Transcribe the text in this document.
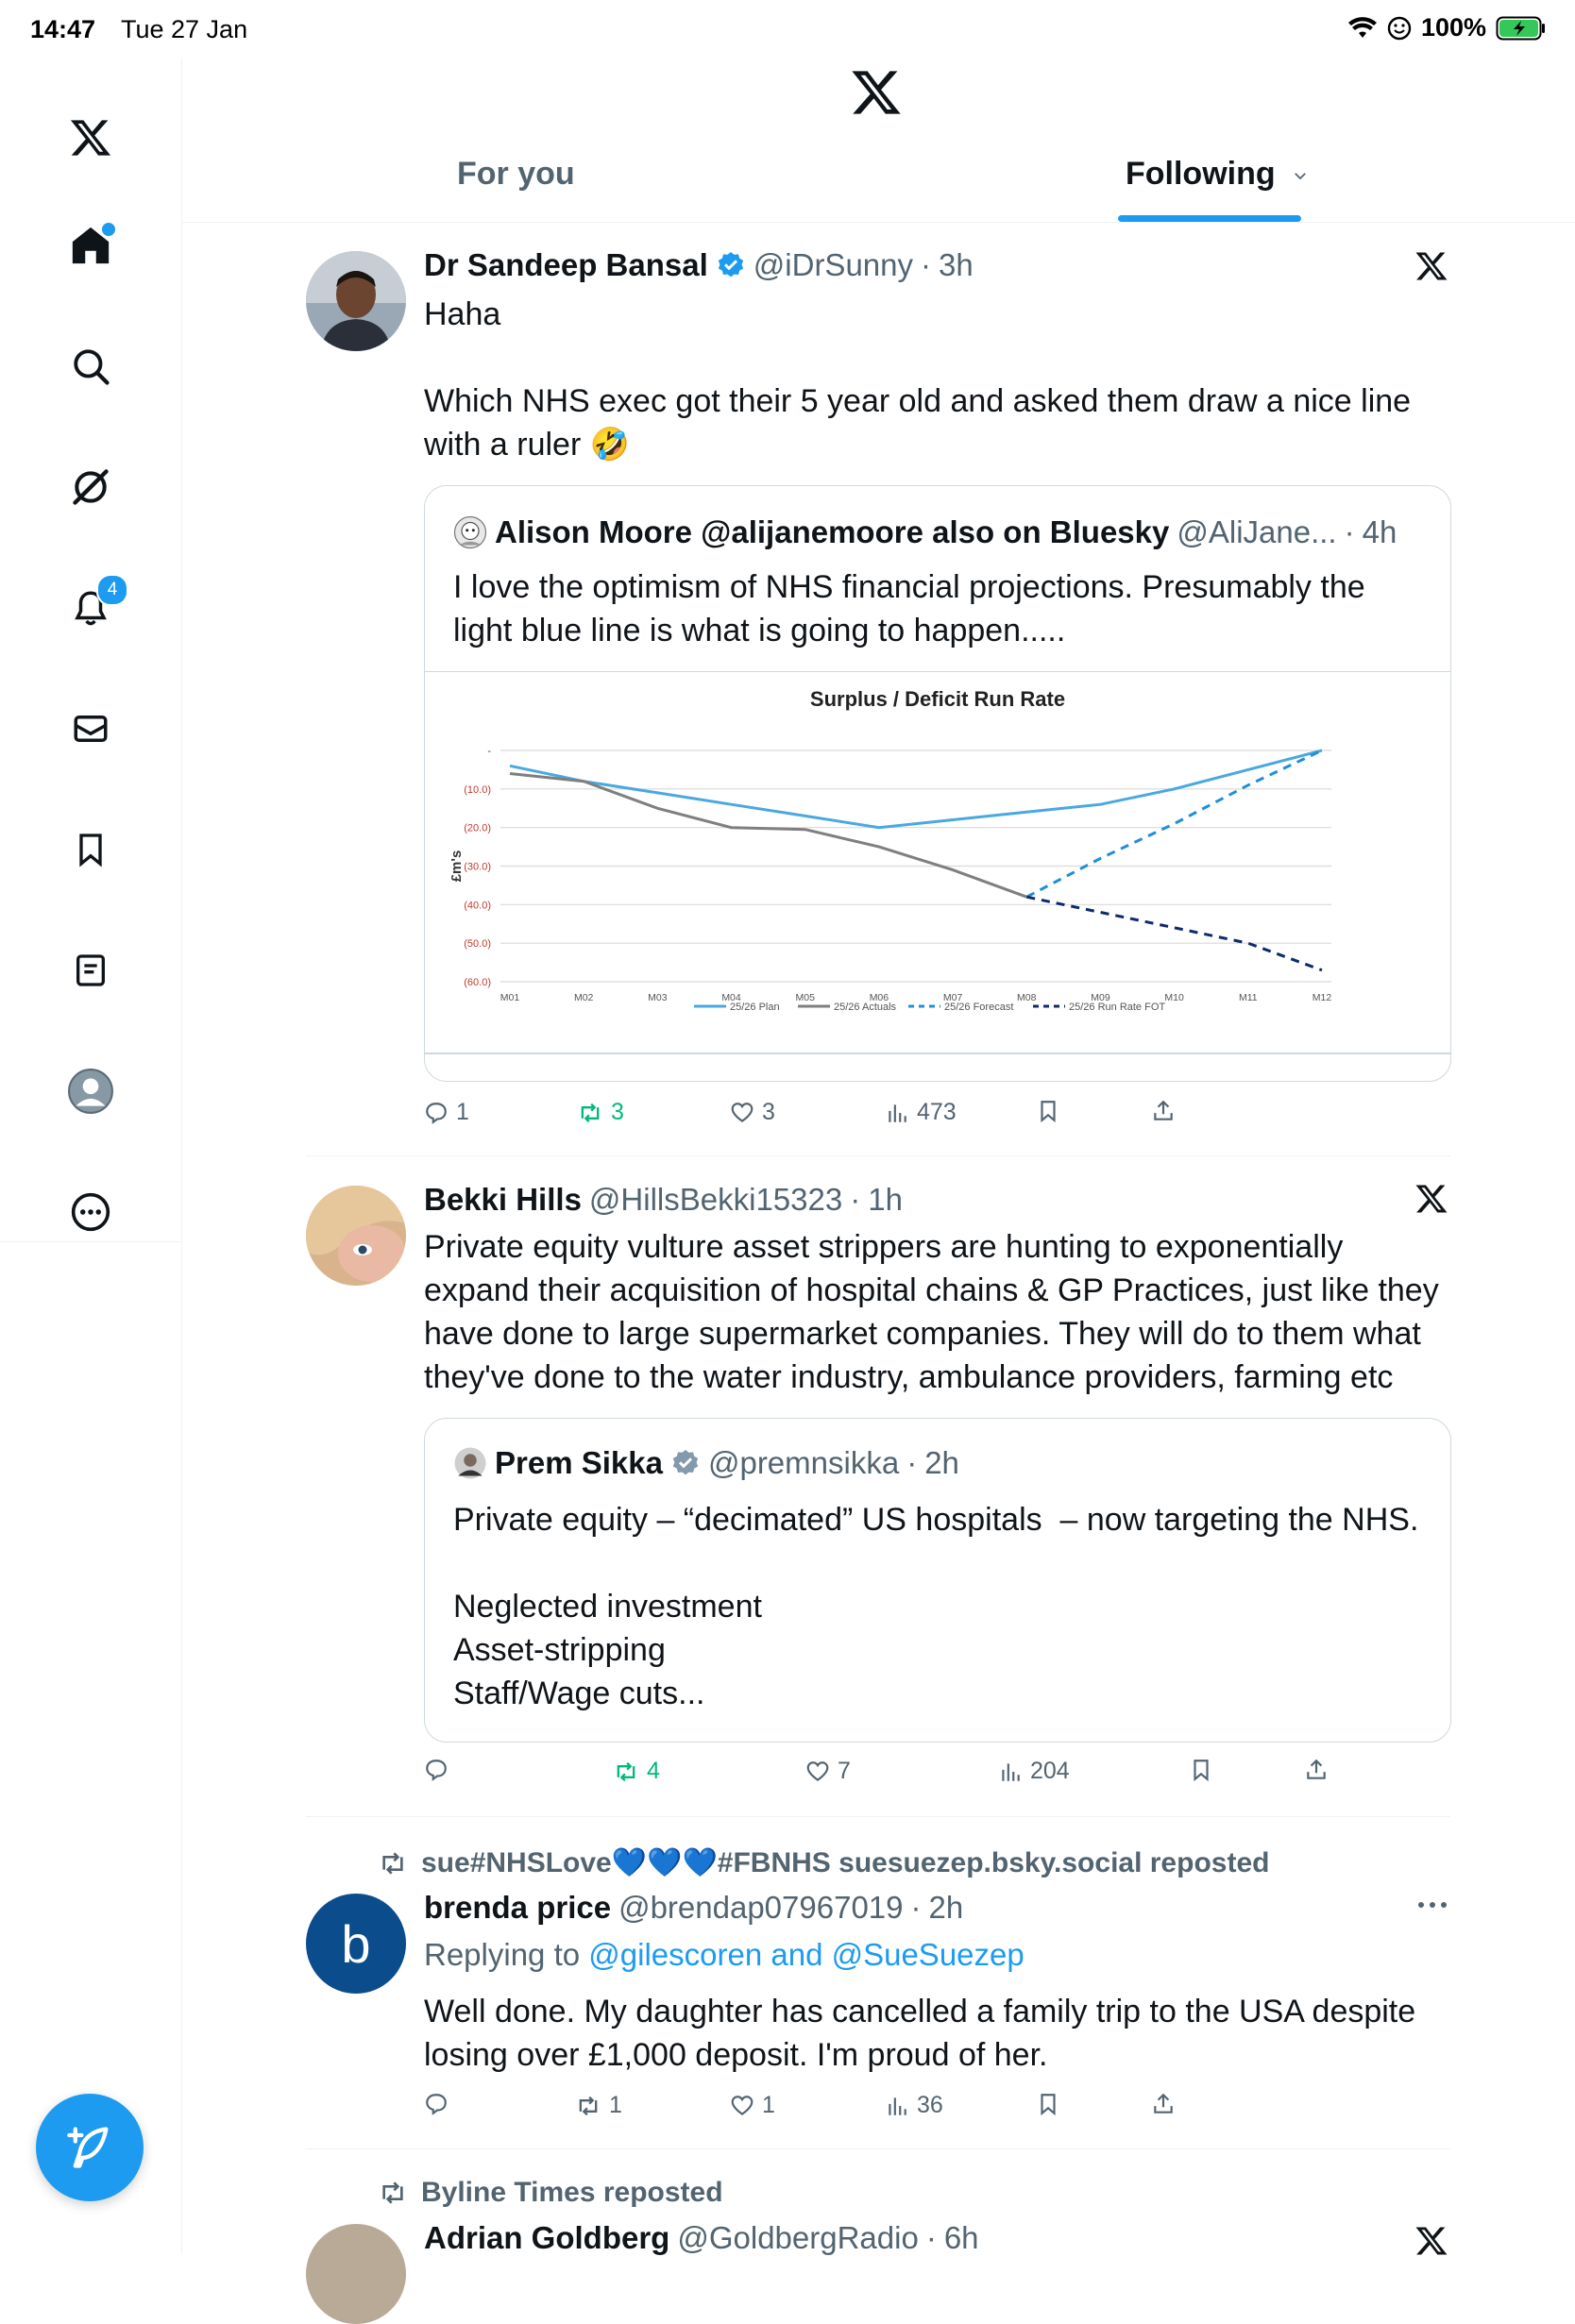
14:47 Tue 27 Jan	100%
4
For you	Following
Dr Sandeep Bansal @iDrSunny · 3h
Haha
Which NHS exec got their 5 year old and asked them draw a nice line
with a ruler 🤣
Alison Moore @alijanemoore also on Bluesky @AliJane... · 4h
I love the optimism of NHS financial projections. Presumably the
light blue line is what is going to happen.....
Surplus / Deficit Run Rate
-
(10.0)
(20.0)
(30.0)
(40.0)
(50.0)
(60.0)
£m's
M01	M02	M03	M04	M05	M06	M07	M08	M09	M10	M11	M12
25/26 Plan	25/26 Actuals	25/26 Forecast	25/26 Run Rate FOT
1	3	3	473
Bekki Hills @HillsBekki15323 · 1h
Private equity vulture asset strippers are hunting to exponentially
expand their acquisition of hospital chains & GP Practices, just like they
have done to large supermarket companies. They will do to them what
they've done to the water industry, ambulance providers, farming etc
Prem Sikka @premnsikka · 2h
Private equity – “decimated” US hospitals  – now targeting the NHS.
Neglected investment
Asset-stripping
Staff/Wage cuts...
4	7	204
sue#NHSLove💙💙💙#FBNHS suesuezep.bsky.social reposted
b
brenda price @brendap07967019 · 2h
Replying to @gilescoren and @SueSuezep
Well done. My daughter has cancelled a family trip to the USA despite
losing over £1,000 deposit. I'm proud of her.
1	1	36
Byline Times reposted
Adrian Goldberg @GoldbergRadio · 6h
